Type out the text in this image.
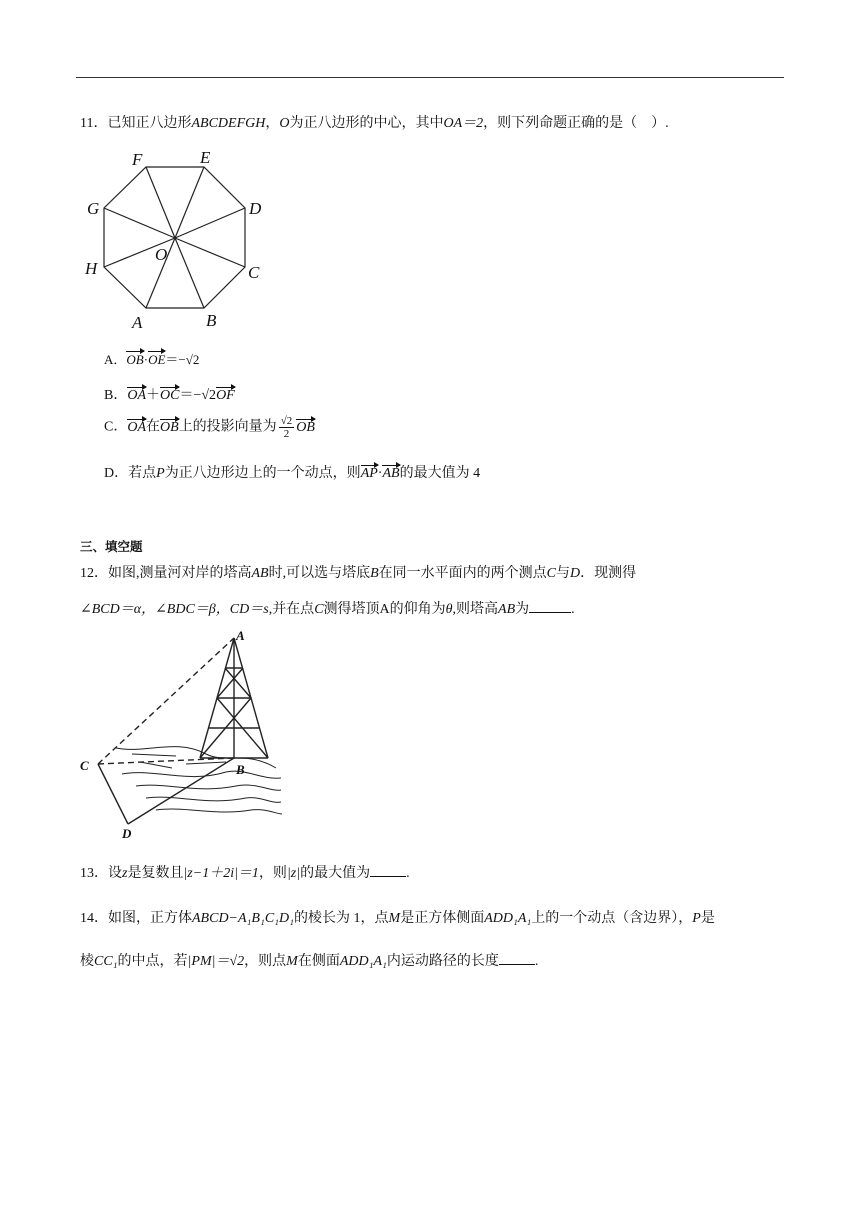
11．已知正八边形ABCDEFGH，O为正八边形的中心，其中OA＝2，则下列命题正确的是（　）.
F	E
D
C
B
A
H
G
O
A．OB·OE＝−√2
B．OA＋OC＝−√2OF
C．OA在OB上的投影向量为 $\frac{√2}{2}$ OB
D．若点P为正八边形边上的一个动点，则AP·AB的最大值为 4
三、填空题
12．如图,测量河对岸的塔高AB时,可以选与塔底B在同一水平面内的两个测点C与D．现测得
∠BCD＝α，∠BDC＝β，CD＝s,并在点C测得塔顶A的仰角为θ,则塔高AB为	.
A
B
C
D
13．设z是复数且|z−1＋2i|＝1，则|z|的最大值为	.
14．如图，正方体ABCD−A₁B₁C₁D₁的棱长为 1，点M是正方体侧面ADD₁A₁上的一个动点（含边界），P是
棱CC₁的中点，若|PM|＝√2，则点M在侧面ADD₁A₁内运动路径的长度	.
